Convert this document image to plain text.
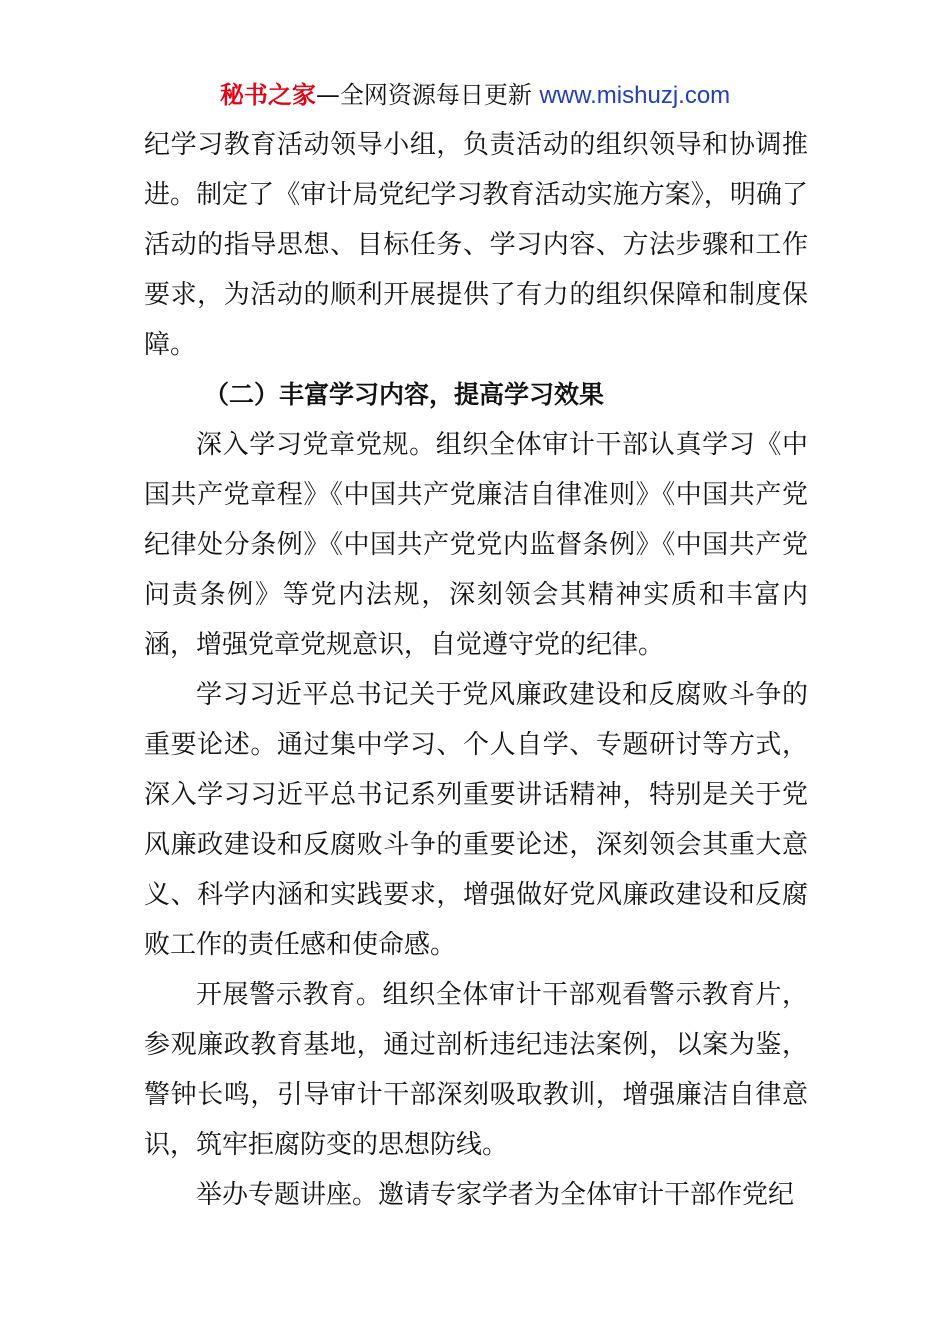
秘书之家—全网资源每日更新 www.mishuzj.com

纪学习教育活动领导小组，负责活动的组织领导和协调推进。制定了《审计局党纪学习教育活动实施方案》，明确了活动的指导思想、目标任务、学习内容、方法步骤和工作要求，为活动的顺利开展提供了有力的组织保障和制度保障。

（二）丰富学习内容，提高学习效果

深入学习党章党规。组织全体审计干部认真学习《中国共产党章程》《中国共产党廉洁自律准则》《中国共产党纪律处分条例》《中国共产党党内监督条例》《中国共产党问责条例》等党内法规，深刻领会其精神实质和丰富内涵，增强党章党规意识，自觉遵守党的纪律。

学习习近平总书记关于党风廉政建设和反腐败斗争的重要论述。通过集中学习、个人自学、专题研讨等方式，深入学习习近平总书记系列重要讲话精神，特别是关于党风廉政建设和反腐败斗争的重要论述，深刻领会其重大意义、科学内涵和实践要求，增强做好党风廉政建设和反腐败工作的责任感和使命感。

开展警示教育。组织全体审计干部观看警示教育片，参观廉政教育基地，通过剖析违纪违法案例，以案为鉴，警钟长鸣，引导审计干部深刻吸取教训，增强廉洁自律意识，筑牢拒腐防变的思想防线。

举办专题讲座。邀请专家学者为全体审计干部作党纪
